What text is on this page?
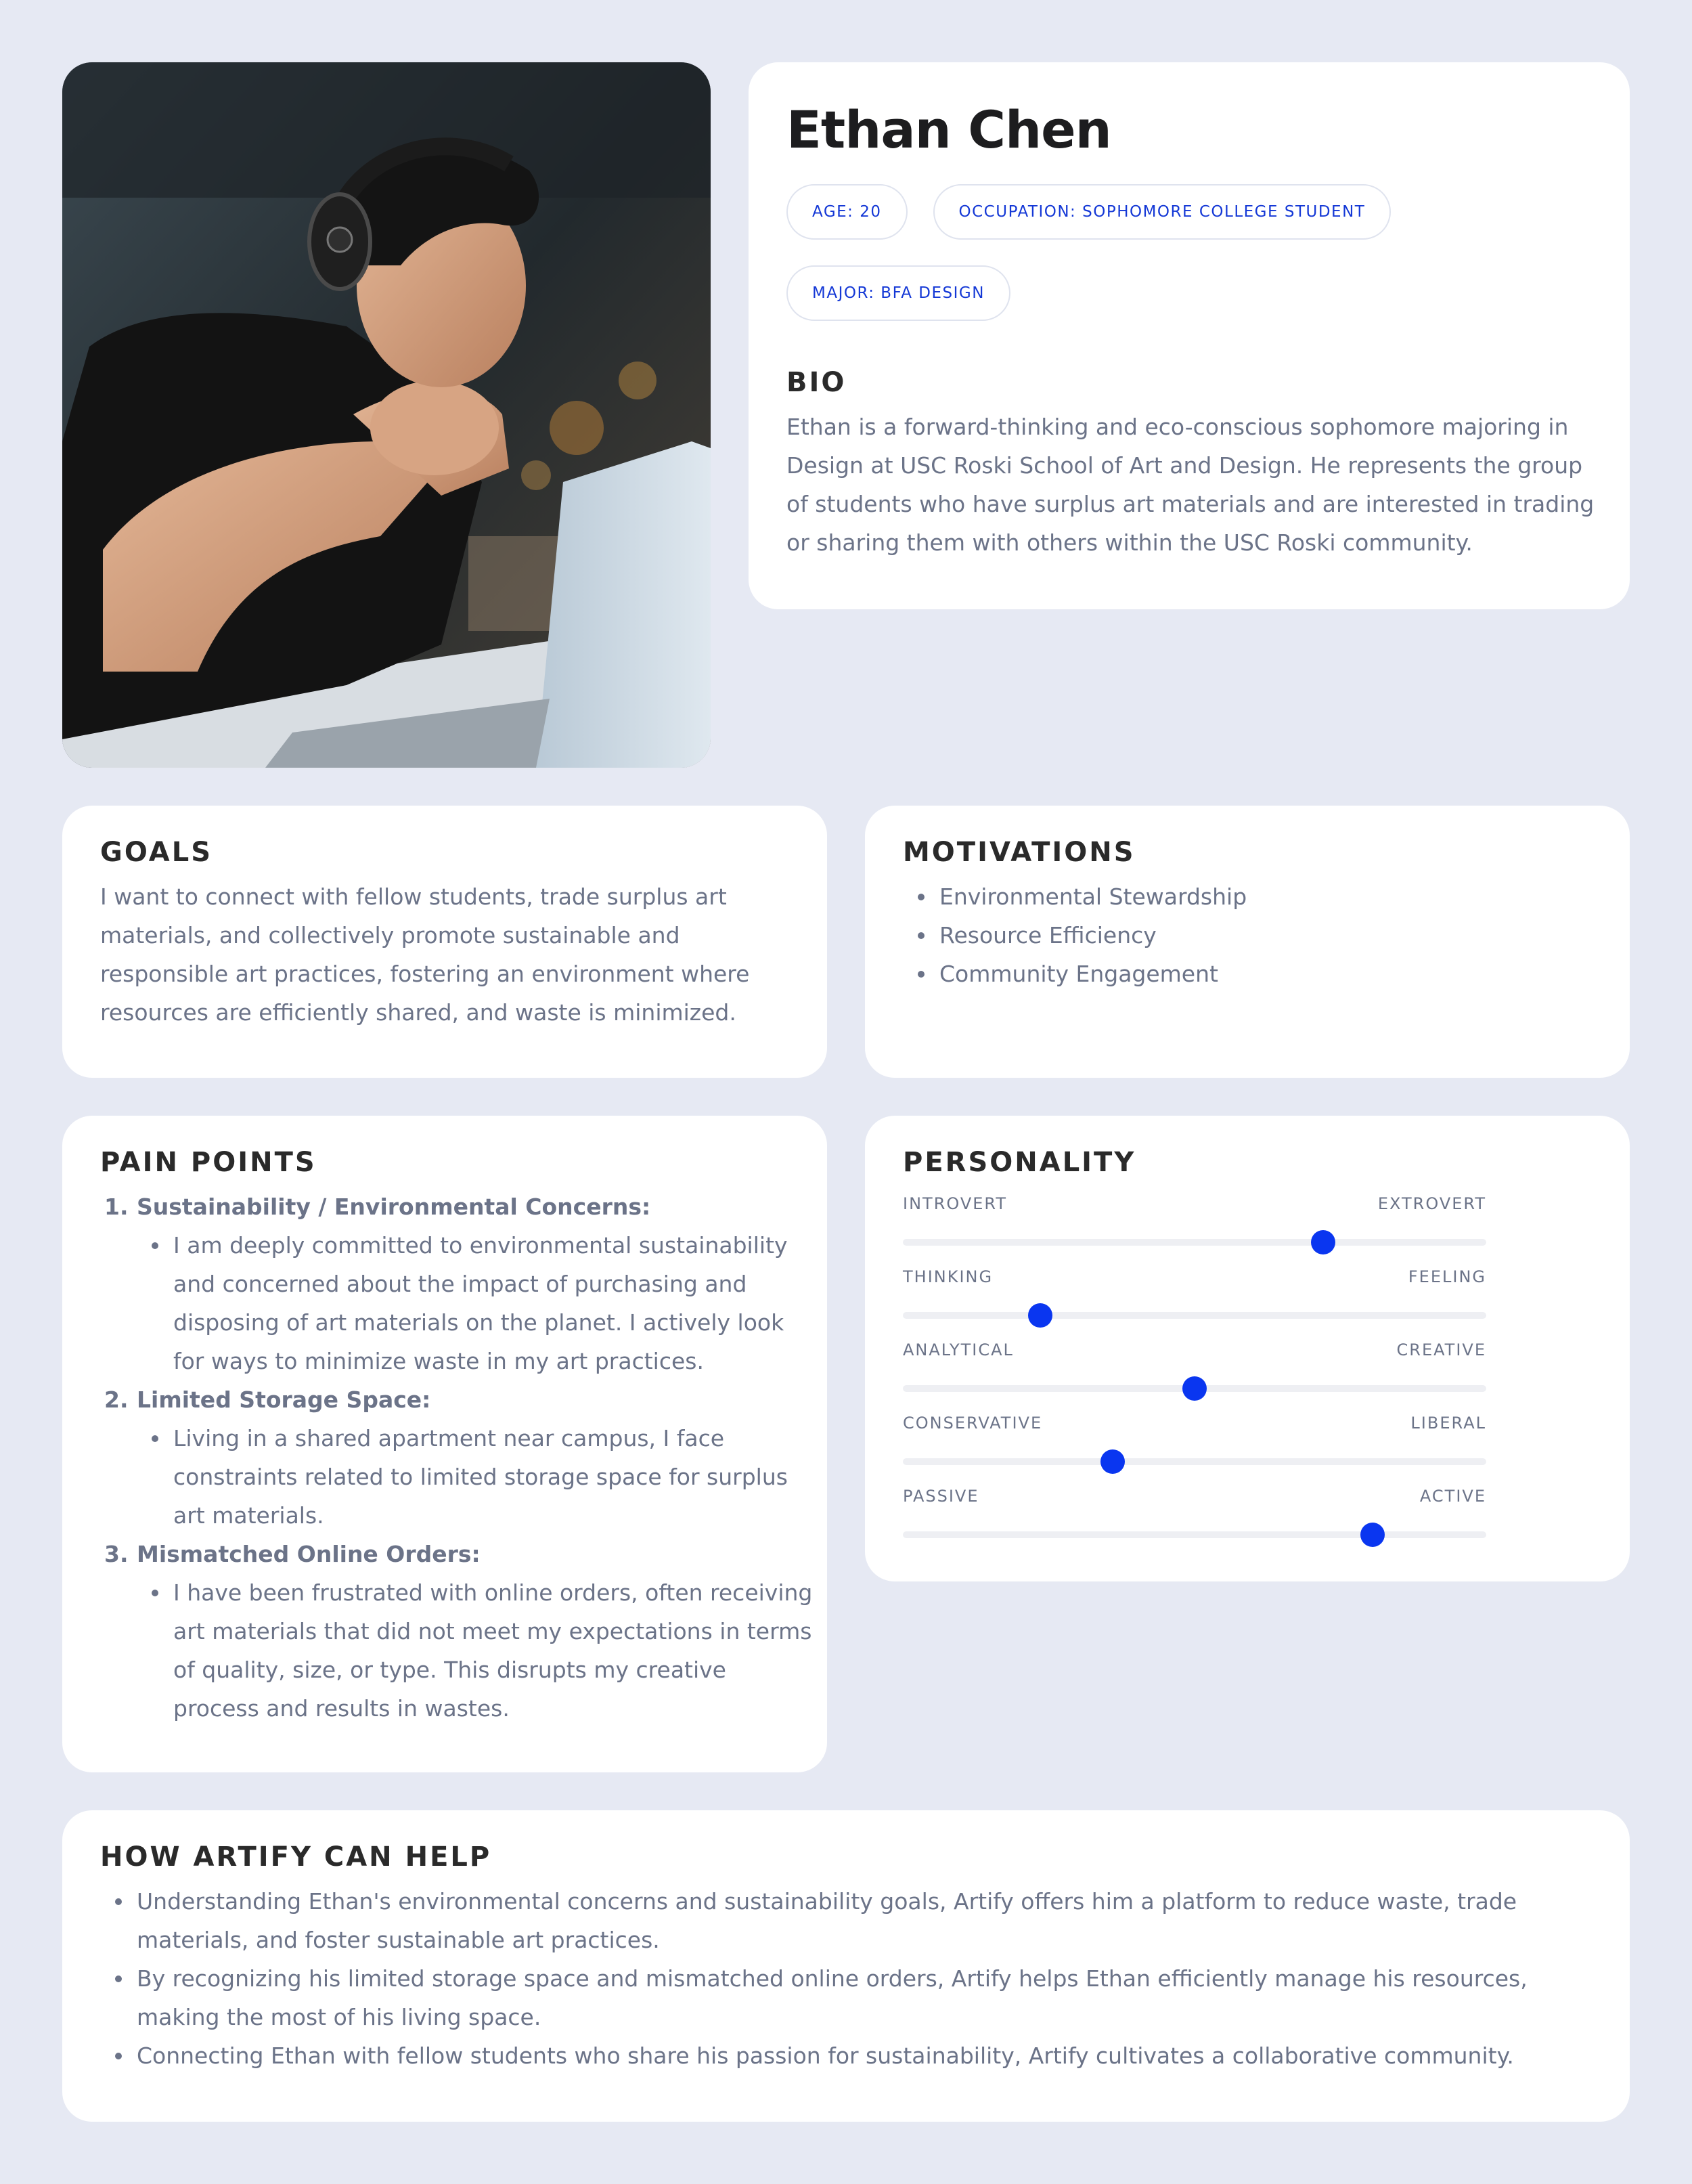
Ethan Chen
AGE: 20	OCCUPATION: SOPHOMORE COLLEGE STUDENT
MAJOR: BFA DESIGN
BIO
Ethan is a forward-thinking and eco-conscious sophomore majoring in Design at USC Roski School of Art and Design. He represents the group of students who have surplus art materials and are interested in trading or sharing them with others within the USC Roski community.
GOALS
I want to connect with fellow students, trade surplus art materials, and collectively promote sustainable and responsible art practices, fostering an environment where resources are efficiently shared, and waste is minimized.
MOTIVATIONS
Environmental Stewardship
Resource Efficiency
Community Engagement
PAIN POINTS
1. Sustainability / Environmental Concerns:
I am deeply committed to environmental sustainability and concerned about the impact of purchasing and disposing of art materials on the planet. I actively look for ways to minimize waste in my art practices.
2. Limited Storage Space:
Living in a shared apartment near campus, I face constraints related to limited storage space for surplus art materials.
3. Mismatched Online Orders:
I have been frustrated with online orders, often receiving art materials that did not meet my expectations in terms of quality, size, or type. This disrupts my creative process and results in wastes.
PERSONALITY
INTROVERT	EXTROVERT
THINKING	FEELING
ANALYTICAL	CREATIVE
CONSERVATIVE	LIBERAL
PASSIVE	ACTIVE
HOW ARTIFY CAN HELP
Understanding Ethan's environmental concerns and sustainability goals, Artify offers him a platform to reduce waste, trade materials, and foster sustainable art practices.
By recognizing his limited storage space and mismatched online orders, Artify helps Ethan efficiently manage his resources, making the most of his living space.
Connecting Ethan with fellow students who share his passion for sustainability, Artify cultivates a collaborative community.
